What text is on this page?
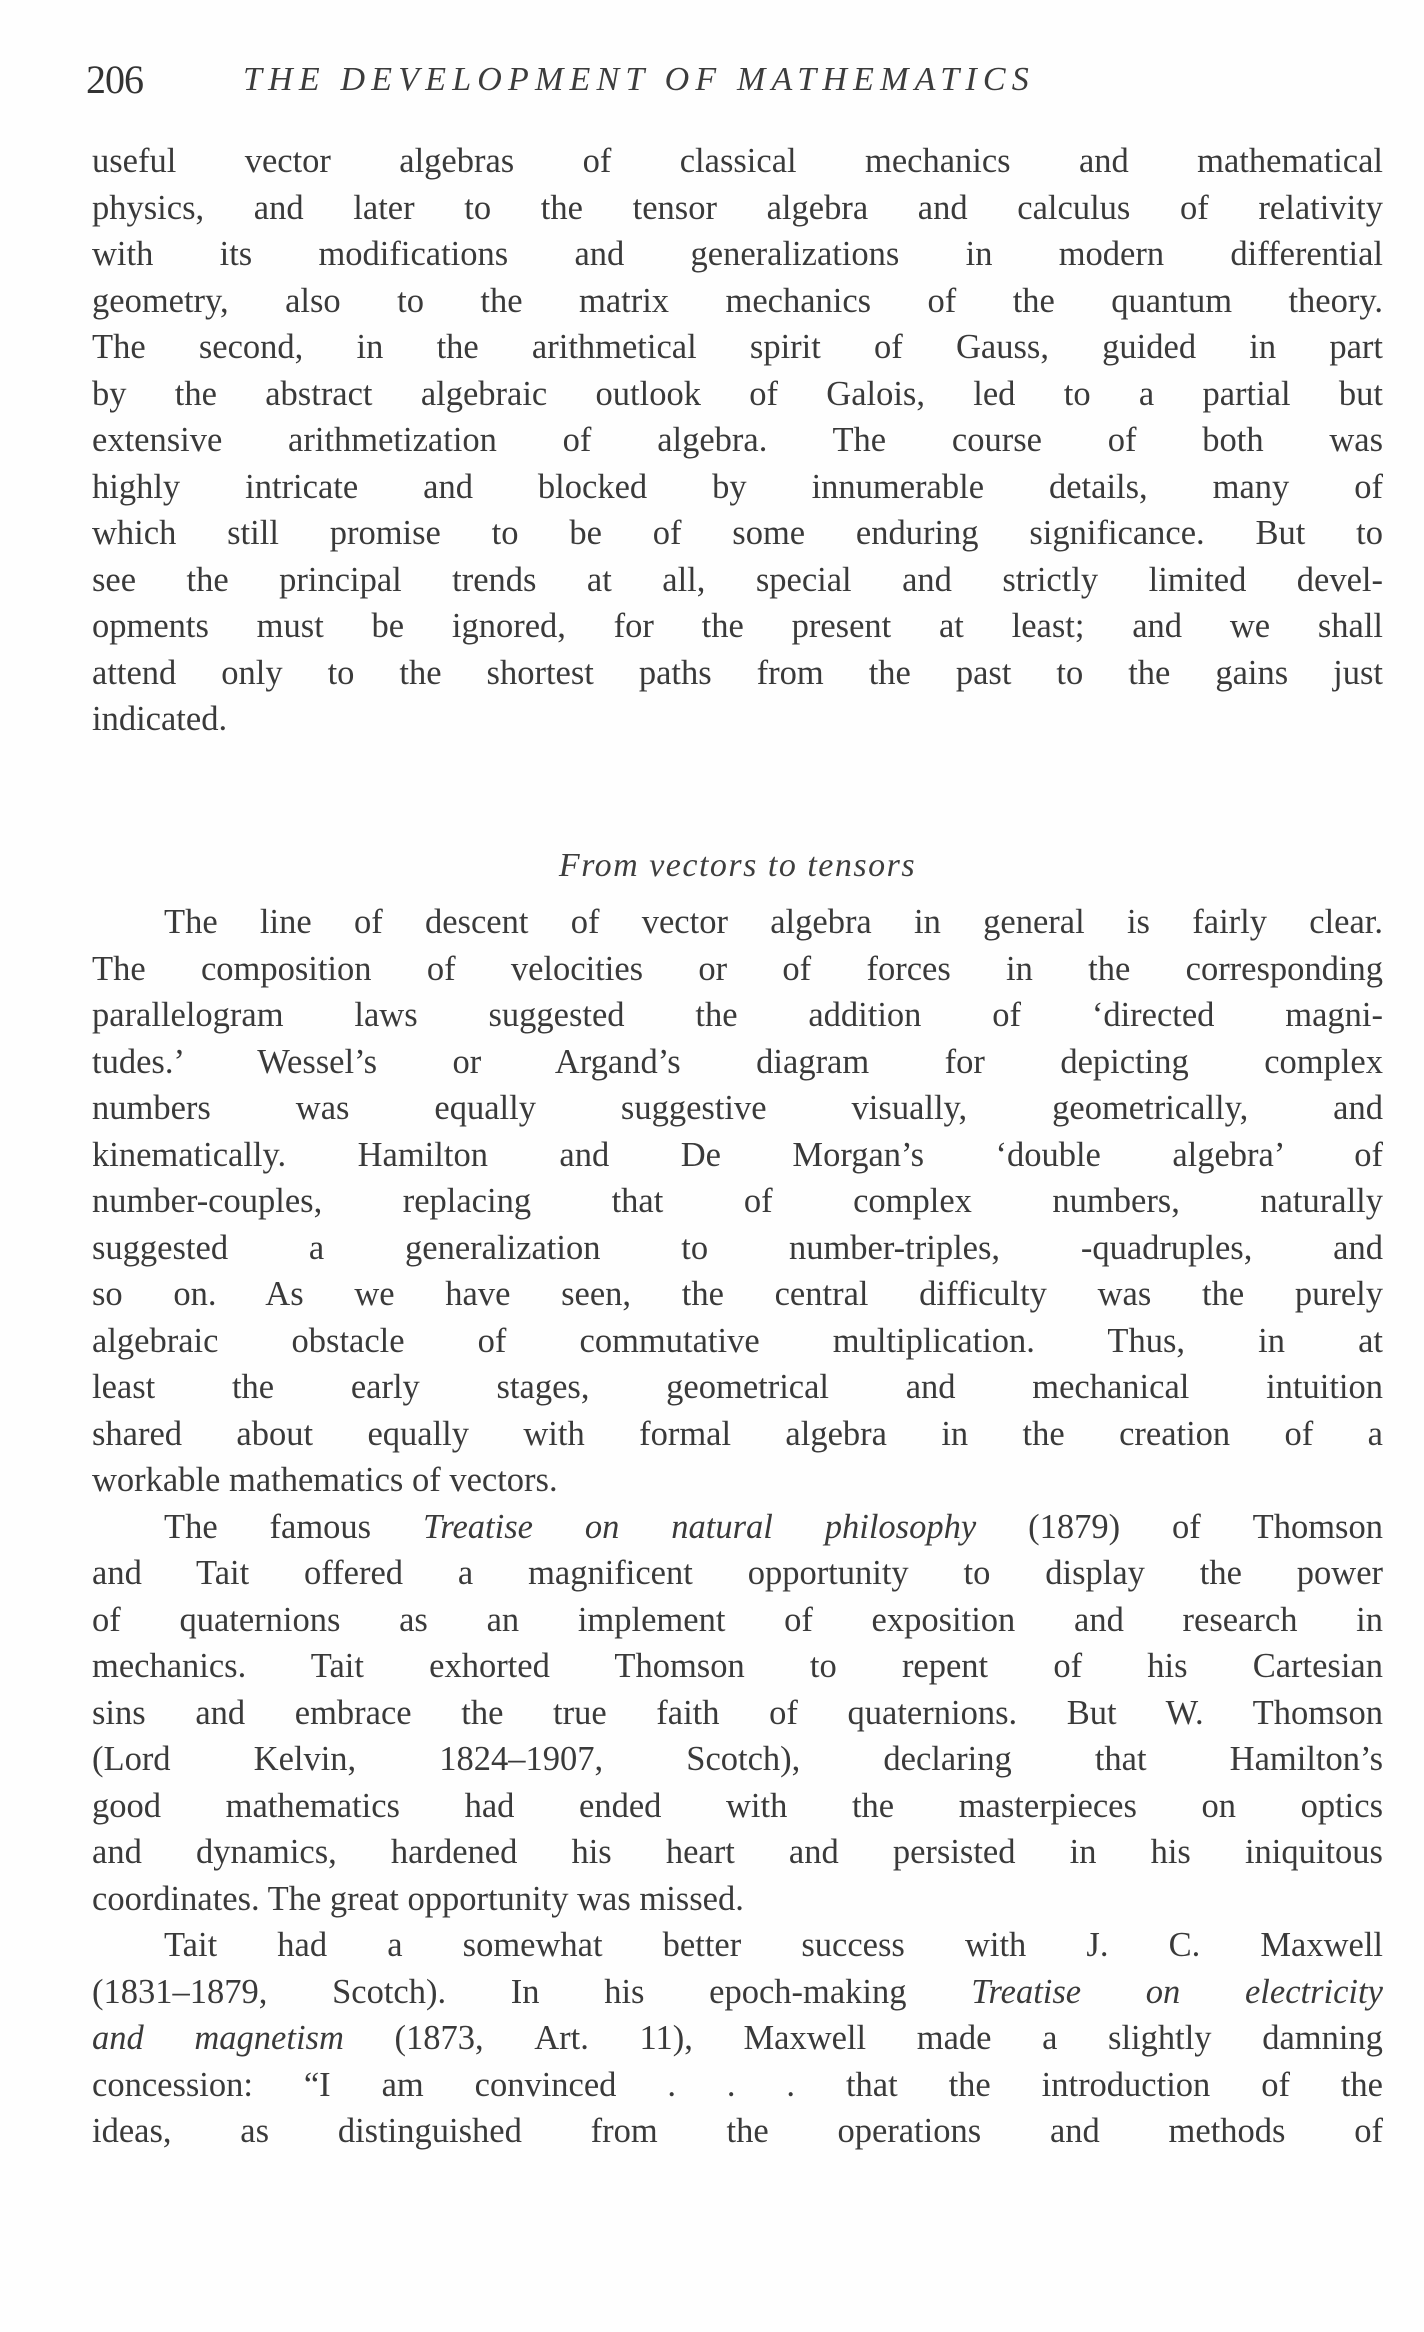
206	THE DEVELOPMENT OF MATHEMATICS
useful vector algebras of classical mechanics and mathematical
physics, and later to the tensor algebra and calculus of relativity
with its modifications and generalizations in modern differential
geometry, also to the matrix mechanics of the quantum theory.
The second, in the arithmetical spirit of Gauss, guided in part
by the abstract algebraic outlook of Galois, led to a partial but
extensive arithmetization of algebra. The course of both was
highly intricate and blocked by innumerable details, many of
which still promise to be of some enduring significance. But to
see the principal trends at all, special and strictly limited devel-
opments must be ignored, for the present at least; and we shall
attend only to the shortest paths from the past to the gains just
indicated.
From vectors to tensors
The line of descent of vector algebra in general is fairly clear.
The composition of velocities or of forces in the corresponding
parallelogram laws suggested the addition of ‘directed magni-
tudes.’ Wessel’s or Argand’s diagram for depicting complex
numbers was equally suggestive visually, geometrically, and
kinematically. Hamilton and De Morgan’s ‘double algebra’ of
number-couples, replacing that of complex numbers, naturally
suggested a generalization to number-triples, -quadruples, and
so on. As we have seen, the central difficulty was the purely
algebraic obstacle of commutative multiplication. Thus, in at
least the early stages, geometrical and mechanical intuition
shared about equally with formal algebra in the creation of a
workable mathematics of vectors.
The famous Treatise on natural philosophy (1879) of Thomson
and Tait offered a magnificent opportunity to display the power
of quaternions as an implement of exposition and research in
mechanics. Tait exhorted Thomson to repent of his Cartesian
sins and embrace the true faith of quaternions. But W. Thomson
(Lord Kelvin, 1824–1907, Scotch), declaring that Hamilton’s
good mathematics had ended with the masterpieces on optics
and dynamics, hardened his heart and persisted in his iniquitous
coordinates. The great opportunity was missed.
Tait had a somewhat better success with J. C. Maxwell
(1831–1879, Scotch). In his epoch-making Treatise on electricity
and magnetism (1873, Art. 11), Maxwell made a slightly damning
concession: “I am convinced . . . that the introduction of the
ideas, as distinguished from the operations and methods of
